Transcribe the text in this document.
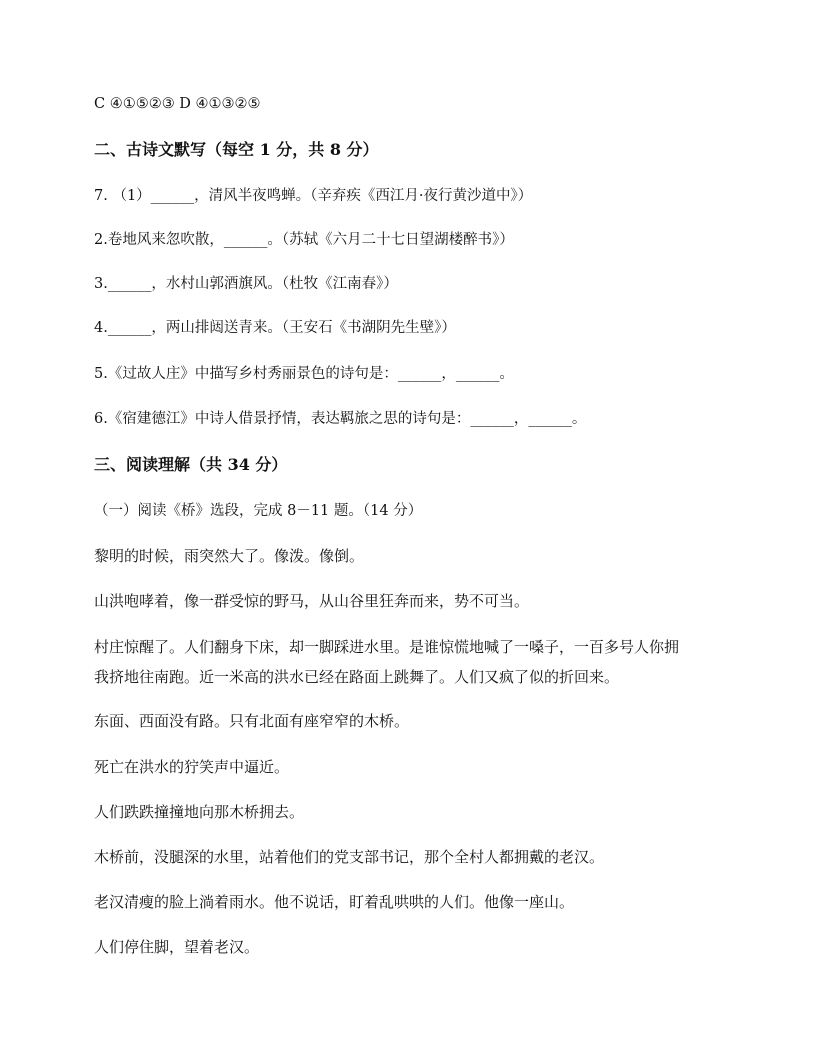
C ④①⑤②③ D ④①③②⑤
二、古诗文默写（每空 1 分，共 8 分）
7. （1）______，清风半夜鸣蝉。（辛弃疾《西江月·夜行黄沙道中》）
2.卷地风来忽吹散，______。（苏轼《六月二十七日望湖楼醉书》）
3.______，水村山郭酒旗风。（杜牧《江南春》）
4.______，两山排闼送青来。（王安石《书湖阴先生壁》）
5.《过故人庄》中描写乡村秀丽景色的诗句是：______，______。
6.《宿建德江》中诗人借景抒情，表达羁旅之思的诗句是：______，______。
三、阅读理解（共 34 分）
（一）阅读《桥》选段，完成 8－11 题。（14 分）
黎明的时候，雨突然大了。像泼。像倒。
山洪咆哮着，像一群受惊的野马，从山谷里狂奔而来，势不可当。
村庄惊醒了。人们翻身下床，却一脚踩进水里。是谁惊慌地喊了一嗓子，一百多号人你拥
我挤地往南跑。近一米高的洪水已经在路面上跳舞了。人们又疯了似的折回来。
东面、西面没有路。只有北面有座窄窄的木桥。
死亡在洪水的狞笑声中逼近。
人们跌跌撞撞地向那木桥拥去。
木桥前，没腿深的水里，站着他们的党支部书记，那个全村人都拥戴的老汉。
老汉清瘦的脸上淌着雨水。他不说话，盯着乱哄哄的人们。他像一座山。
人们停住脚，望着老汉。
